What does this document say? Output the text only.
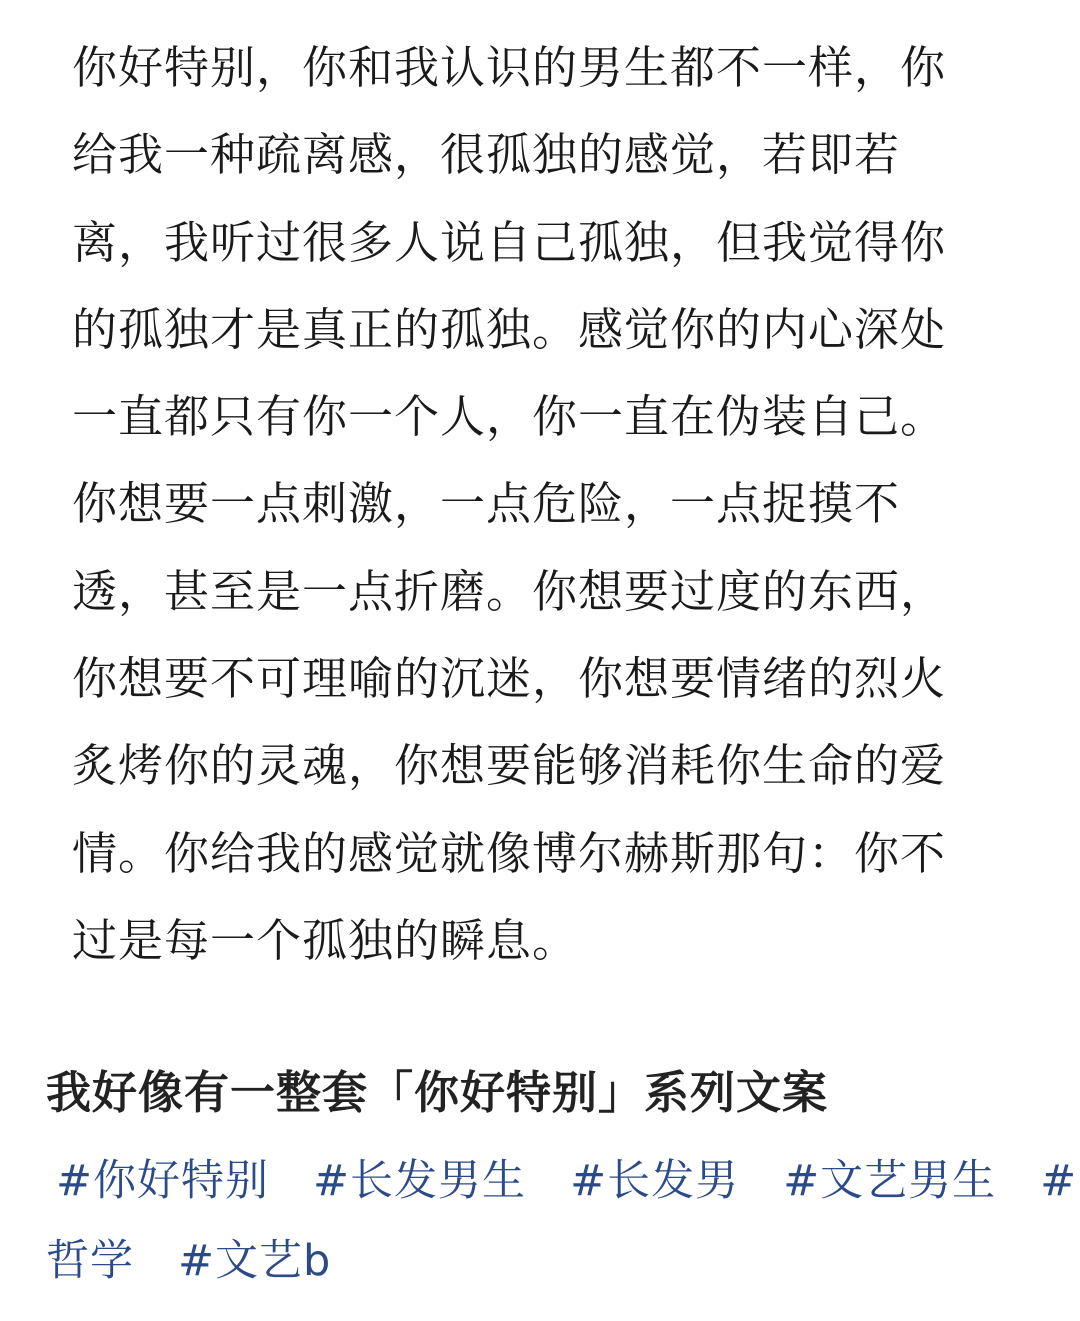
你好特别，你和我认识的男生都不一样，你
给我一种疏离感，很孤独的感觉，若即若
离，我听过很多人说自己孤独，但我觉得你
的孤独才是真正的孤独。感觉你的内心深处
一直都只有你一个人，你一直在伪装自己。
你想要一点刺激，一点危险，一点捉摸不
透，甚至是一点折磨。你想要过度的东西，
你想要不可理喻的沉迷，你想要情绪的烈火
炙烤你的灵魂，你想要能够消耗你生命的爱
情。你给我的感觉就像博尔赫斯那句：你不
过是每一个孤独的瞬息。
我好像有一整套「你好特别」系列文案
#你好特别 #长发男生 #长发男 #文艺男生 #
哲学 #文艺b
